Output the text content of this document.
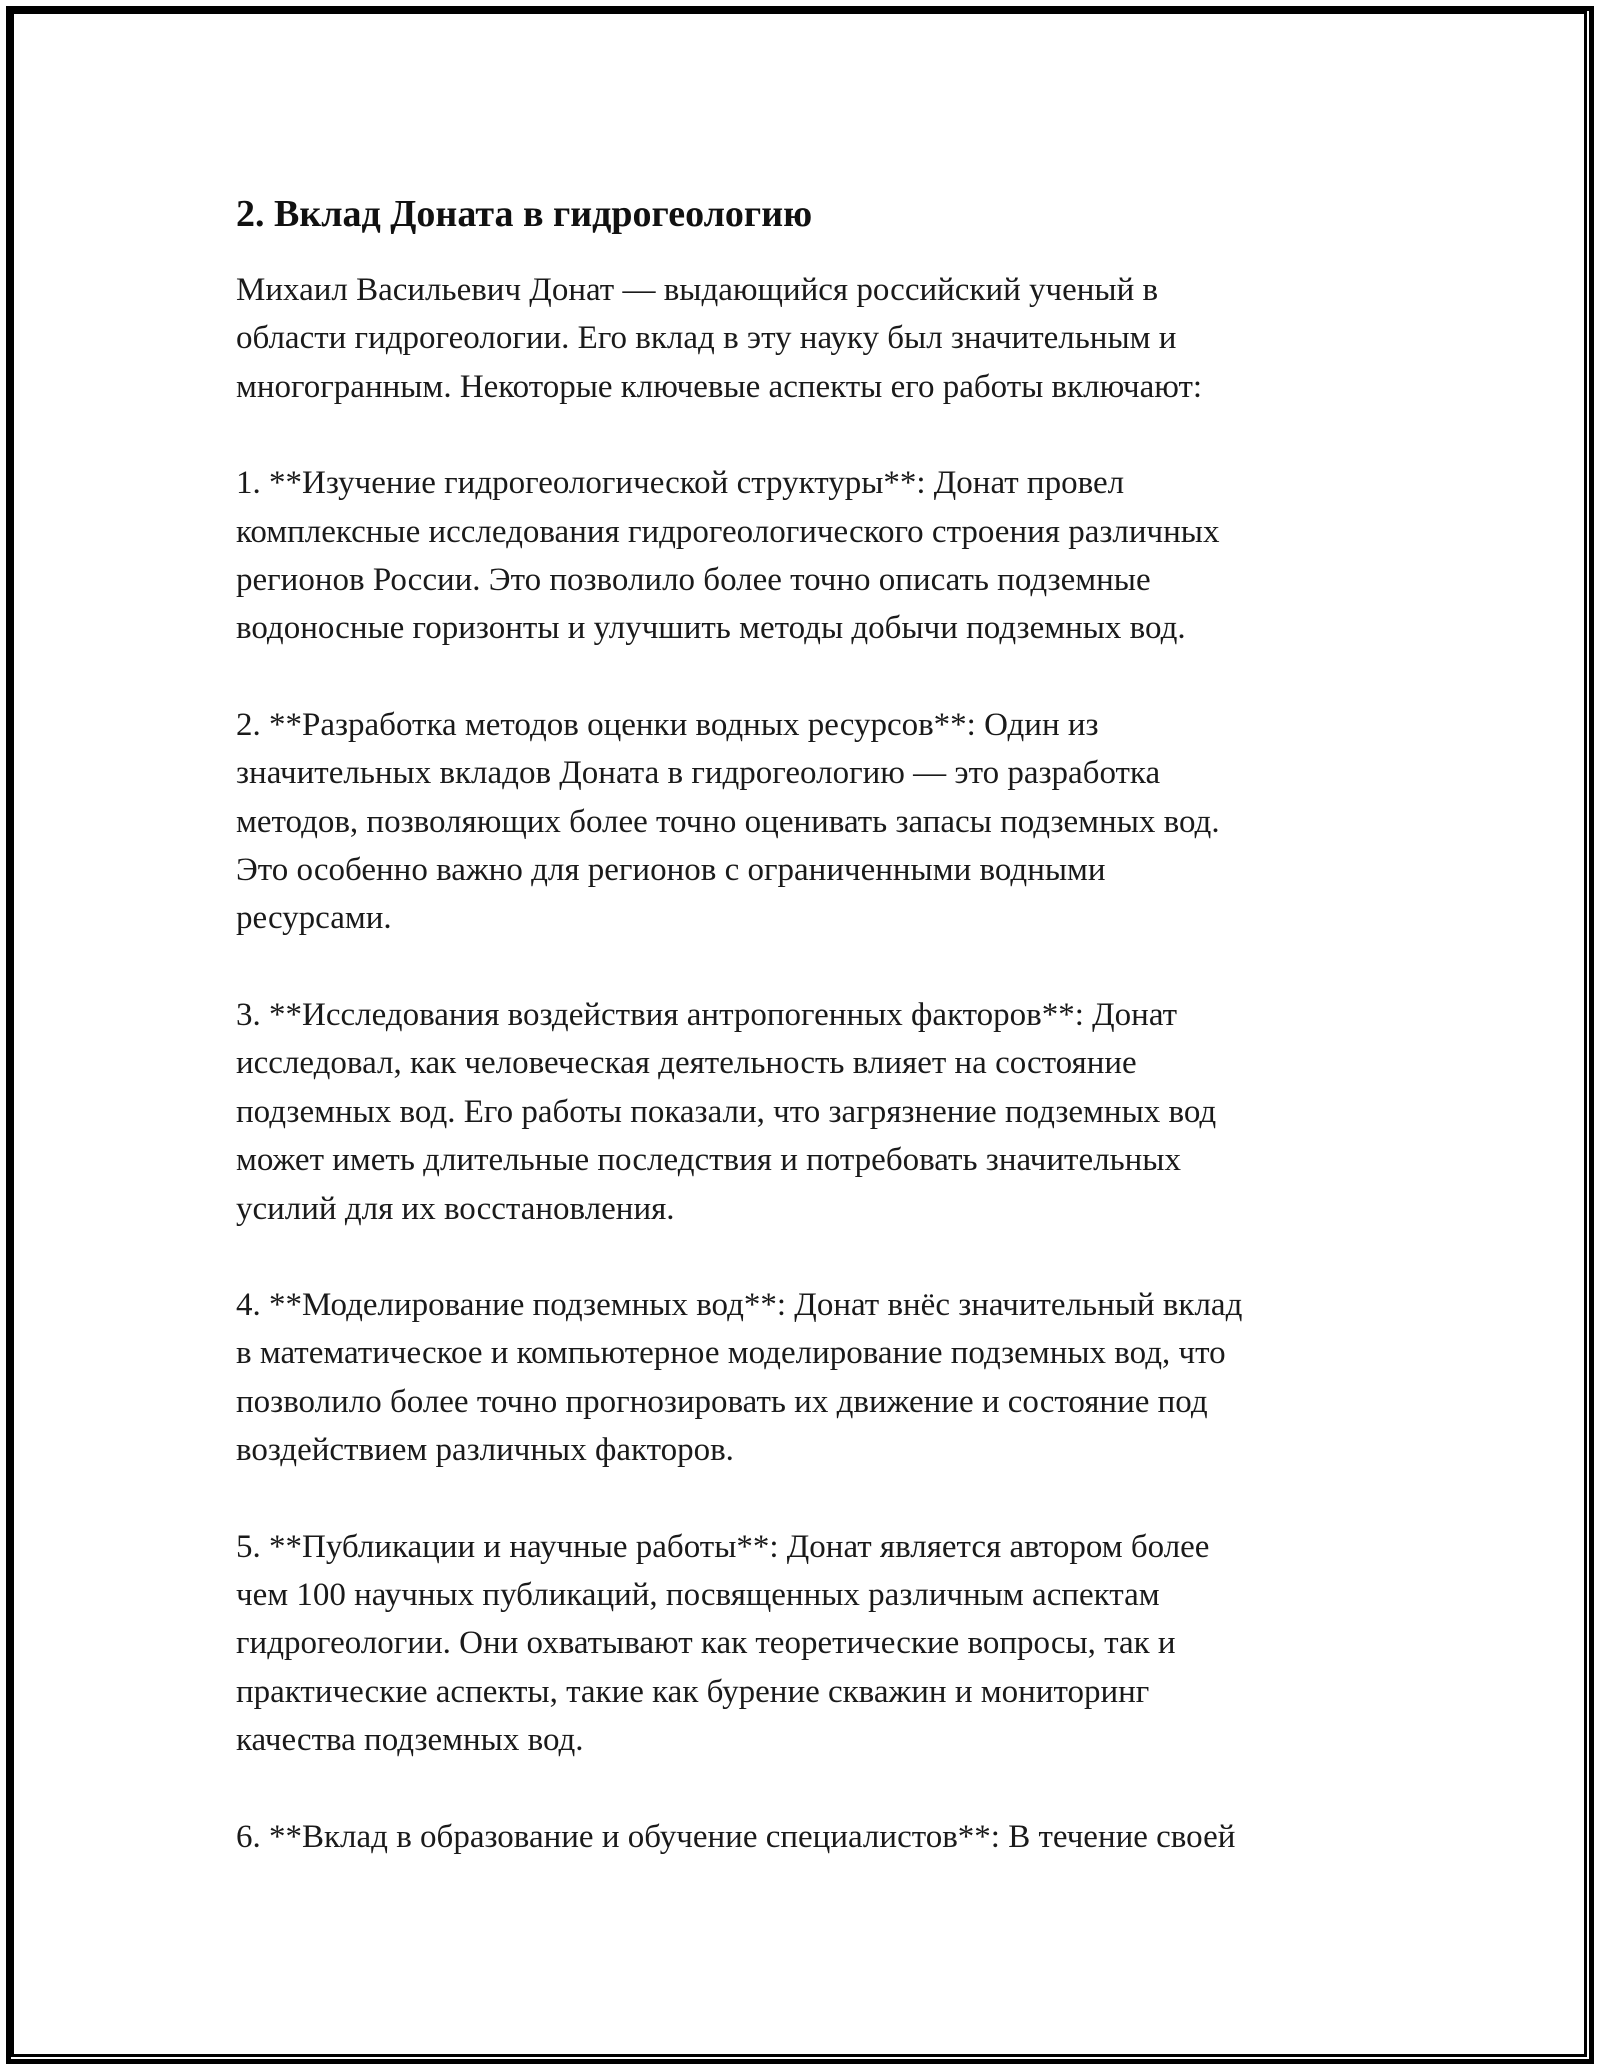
2. Вклад Доната в гидрогеологию

Михаил Васильевич Донат — выдающийся российский ученый в
области гидрогеологии. Его вклад в эту науку был значительным и
многогранным. Некоторые ключевые аспекты его работы включают:

1. **Изучение гидрогеологической структуры**: Донат провел
комплексные исследования гидрогеологического строения различных
регионов России. Это позволило более точно описать подземные
водоносные горизонты и улучшить методы добычи подземных вод.

2. **Разработка методов оценки водных ресурсов**: Один из
значительных вкладов Доната в гидрогеологию — это разработка
методов, позволяющих более точно оценивать запасы подземных вод.
Это особенно важно для регионов с ограниченными водными
ресурсами.

3. **Исследования воздействия антропогенных факторов**: Донат
исследовал, как человеческая деятельность влияет на состояние
подземных вод. Его работы показали, что загрязнение подземных вод
может иметь длительные последствия и потребовать значительных
усилий для их восстановления.

4. **Моделирование подземных вод**: Донат внёс значительный вклад
в математическое и компьютерное моделирование подземных вод, что
позволило более точно прогнозировать их движение и состояние под
воздействием различных факторов.

5. **Публикации и научные работы**: Донат является автором более
чем 100 научных публикаций, посвященных различным аспектам
гидрогеологии. Они охватывают как теоретические вопросы, так и
практические аспекты, такие как бурение скважин и мониторинг
качества подземных вод.

6. **Вклад в образование и обучение специалистов**: В течение своей
